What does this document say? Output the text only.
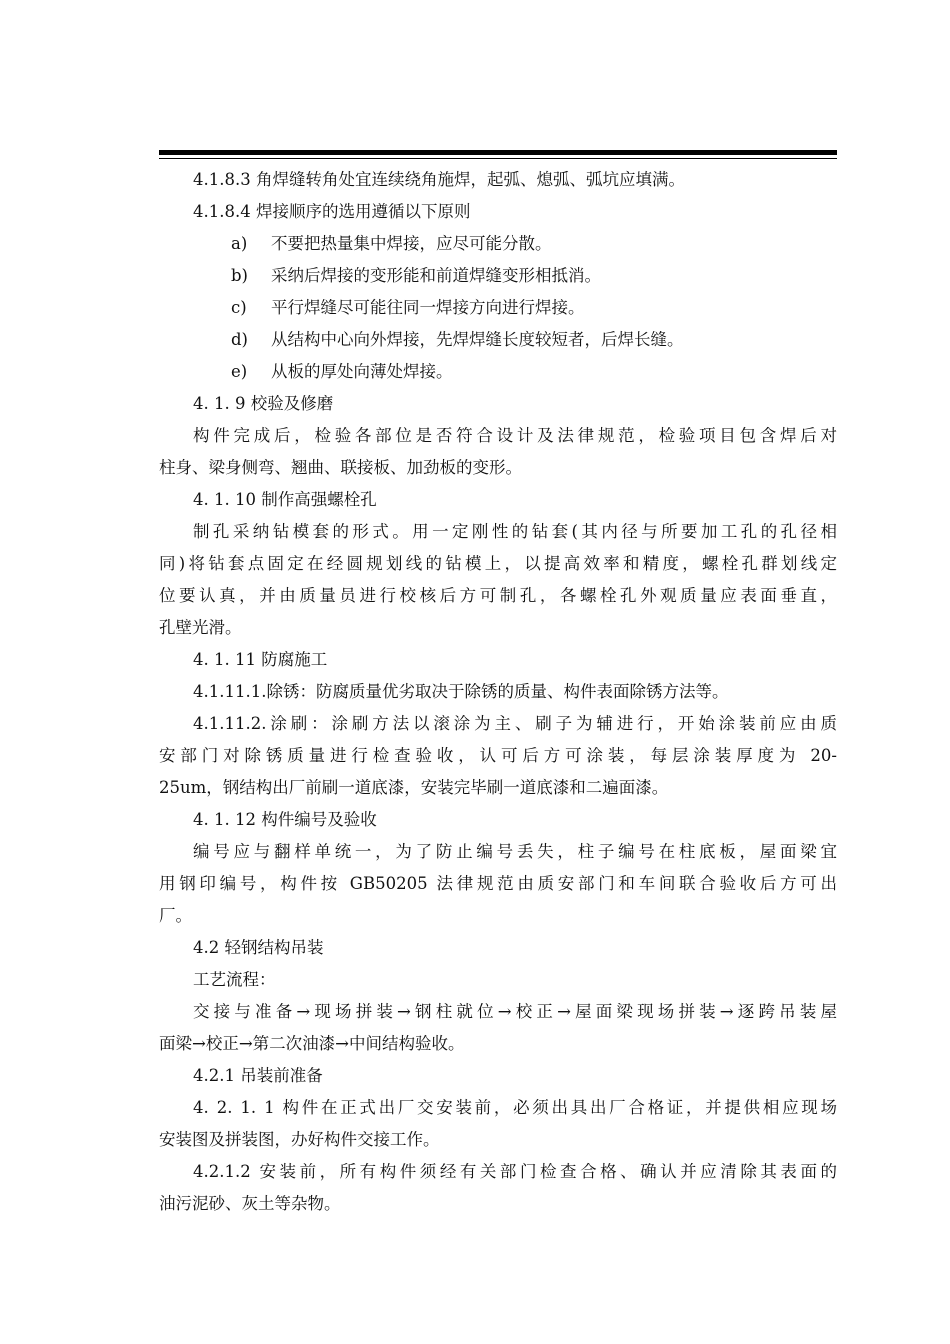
4.1.8.3 角焊缝转角处宜连续绕角施焊，起弧、熄弧、弧坑应填满。
4.1.8.4 焊接顺序的选用遵循以下原则
a) 不要把热量集中焊接，应尽可能分散。
b) 采纳后焊接的变形能和前道焊缝变形相抵消。
c) 平行焊缝尽可能往同一焊接方向进行焊接。
d) 从结构中心向外焊接，先焊焊缝长度较短者，后焊长缝。
e) 从板的厚处向薄处焊接。
4. 1. 9 校验及修磨
构件完成后，检验各部位是否符合设计及法律规范，检验项目包含焊后对
柱身、梁身侧弯、翘曲、联接板、加劲板的变形。
4. 1. 10 制作高强螺栓孔
制孔采纳钻模套的形式。用一定刚性的钻套(其内径与所要加工孔的孔径相
同)将钻套点固定在经圆规划线的钻模上，以提高效率和精度，螺栓孔群划线定
位要认真，并由质量员进行校核后方可制孔，各螺栓孔外观质量应表面垂直，
孔壁光滑。
4. 1. 11 防腐施工
4.1.11.1.除锈：防腐质量优劣取决于除锈的质量、构件表面除锈方法等。
4.1.11.2.涂刷：涂刷方法以滚涂为主、刷子为辅进行，开始涂装前应由质
安部门对除锈质量进行检查验收，认可后方可涂装，每层涂装厚度为 20-
25um，钢结构出厂前刷一道底漆，安装完毕刷一道底漆和二遍面漆。
4. 1. 12 构件编号及验收
编号应与翻样单统一，为了防止编号丢失，柱子编号在柱底板，屋面梁宜
用钢印编号，构件按 GB50205 法律规范由质安部门和车间联合验收后方可出
厂。
4.2 轻钢结构吊装
工艺流程：
交接与准备→现场拼装→钢柱就位→校正→屋面梁现场拼装→逐跨吊装屋
面梁→校正→第二次油漆→中间结构验收。
4.2.1 吊装前准备
4. 2. 1. 1 构件在正式出厂交安装前，必须出具出厂合格证，并提供相应现场
安装图及拼装图，办好构件交接工作。
4.2.1.2 安装前，所有构件须经有关部门检查合格、确认并应清除其表面的
油污泥砂、灰土等杂物。
